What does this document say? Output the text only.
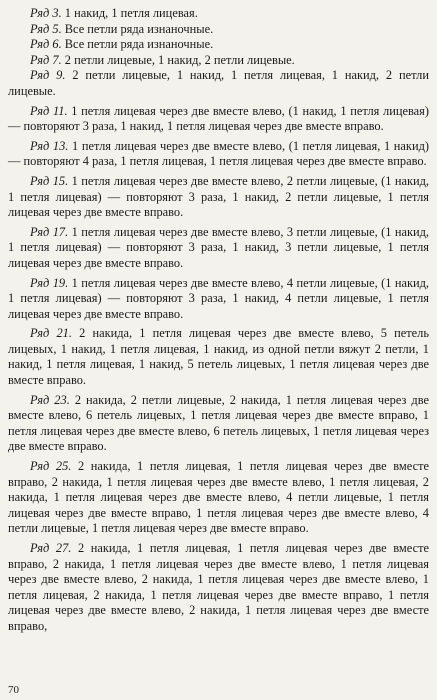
Ряд 3. 1 накид, 1 петля лицевая.

Ряд 5. Все петли ряда изнаночные.

Ряд 6. Все петли ряда изнаночные.

Ряд 7. 2 петли лицевые, 1 накид, 2 петли лицевые.

Ряд 9. 2 петли лицевые, 1 накид, 1 петля лицевая, 1 накид, 2 петли лицевые.

Ряд 11. 1 петля лицевая через две вместе влево, (1 накид, 1 петля лицевая) — повторяют 3 раза, 1 накид, 1 петля лицевая через две вместе вправо.

Ряд 13. 1 петля лицевая через две вместе влево, (1 петля лицевая, 1 накид) — повторяют 4 раза, 1 петля лицевая, 1 петля лицевая через две вместе вправо.

Ряд 15. 1 петля лицевая через две вместе влево, 2 петли лицевые, (1 накид, 1 петля лицевая) — повторяют 3 раза, 1 накид, 2 петли лицевые, 1 петля лицевая через две вместе вправо.

Ряд 17. 1 петля лицевая через две вместе влево, 3 петли лицевые, (1 накид, 1 петля лицевая) — повторяют 3 раза, 1 накид, 3 петли лицевые, 1 петля лицевая через две вместе вправо.

Ряд 19. 1 петля лицевая через две вместе влево, 4 петли лицевые, (1 накид, 1 петля лицевая) — повторяют 3 раза, 1 накид, 4 петли лицевые, 1 петля лицевая через две вместе вправо.

Ряд 21. 2 накида, 1 петля лицевая через две вместе влево, 5 петель лицевых, 1 накид, 1 петля лицевая, 1 накид, из одной петли вяжут 2 петли, 1 накид, 1 петля лицевая, 1 накид, 5 петель лицевых, 1 петля лицевая через две вместе вправо.

Ряд 23. 2 накида, 2 петли лицевые, 2 накида, 1 петля лицевая через две вместе влево, 6 петель лицевых, 1 петля лицевая через две вместе вправо, 1 петля лицевая через две вместе влево, 6 петель лицевых, 1 петля лицевая через две вместе вправо.

Ряд 25. 2 накида, 1 петля лицевая, 1 петля лицевая через две вместе вправо, 2 накида, 1 петля лицевая через две вместе влево, 1 петля лицевая, 2 накида, 1 петля лицевая через две вместе влево, 4 петли лицевые, 1 петля лицевая через две вместе вправо, 1 петля лицевая через две вместе влево, 4 петли лицевые, 1 петля лицевая через две вместе вправо.

Ряд 27. 2 накида, 1 петля лицевая, 1 петля лицевая через две вместе вправо, 2 накида, 1 петля лицевая через две вместе влево, 1 петля лицевая через две вместе влево, 2 накида, 1 петля лицевая через две вместе влево, 1 петля лицевая, 2 накида, 1 петля лицевая через две вместе вправо, 1 петля лицевая через две вместе влево, 2 накида, 1 петля лицевая через две вместе вправо,

70
